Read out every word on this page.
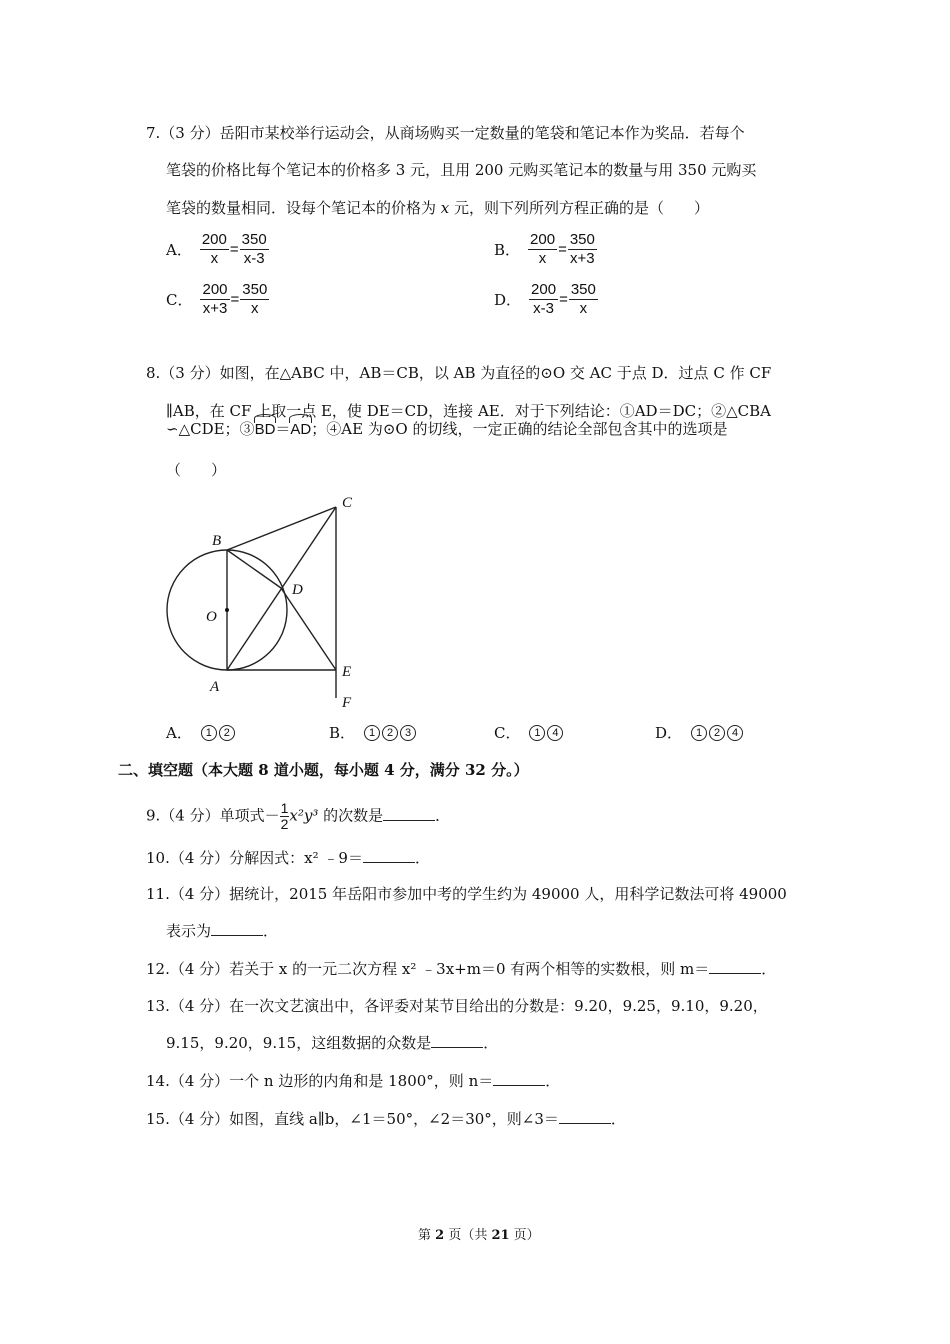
7.（3 分）岳阳市某校举行运动会，从商场购买一定数量的笔袋和笔记本作为奖品．若每个
笔袋的价格比每个笔记本的价格多 3 元，且用 200 元购买笔记本的数量与用 350 元购买
笔袋的数量相同．设每个笔记本的价格为 x 元，则下列所列方程正确的是（　　）
A． $\frac{200}{x} = \frac{350}{x-3}$	B． $\frac{200}{x} = \frac{350}{x+3}$
C． $\frac{200}{x+3} = \frac{350}{x}$	D． $\frac{200}{x-3} = \frac{350}{x}$
8.（3 分）如图，在△ABC 中，AB＝CB，以 AB 为直径的⊙O 交 AC 于点 D．过点 C 作 CF
∥AB，在 CF 上取一点 E，使 DE＝CD，连接 AE．对于下列结论：①AD＝DC；②△CBA
∽△CDE；③BD＝AD；④AE 为⊙O 的切线，一定正确的结论全部包含其中的选项是
（　　）
B
C
O
D
A
E
F
A．	1	2	B．	1	2	3	C．	1	4	D．	1	2	4
二、填空题（本大题 8 道小题，每小题 4 分，满分 32 分。）
9.（4 分）单项式－ $\frac{1}{2} x^2y^3$ 的次数是	．
10.（4 分）分解因式：x² ﹣9＝	．
11.（4 分）据统计，2015 年岳阳市参加中考的学生约为 49000 人，用科学记数法可将 49000
表示为	．
12.（4 分）若关于 x 的一元二次方程 x² ﹣3x+m＝0 有两个相等的实数根，则 m＝	．
13.（4 分）在一次文艺演出中，各评委对某节目给出的分数是：9.20，9.25，9.10，9.20，
9.15，9.20，9.15，这组数据的众数是	．
14.（4 分）一个 n 边形的内角和是 1800°，则 n＝	．
15.（4 分）如图，直线 a∥b，∠1＝50°，∠2＝30°，则∠3＝	．
第 2 页（共 21 页）
